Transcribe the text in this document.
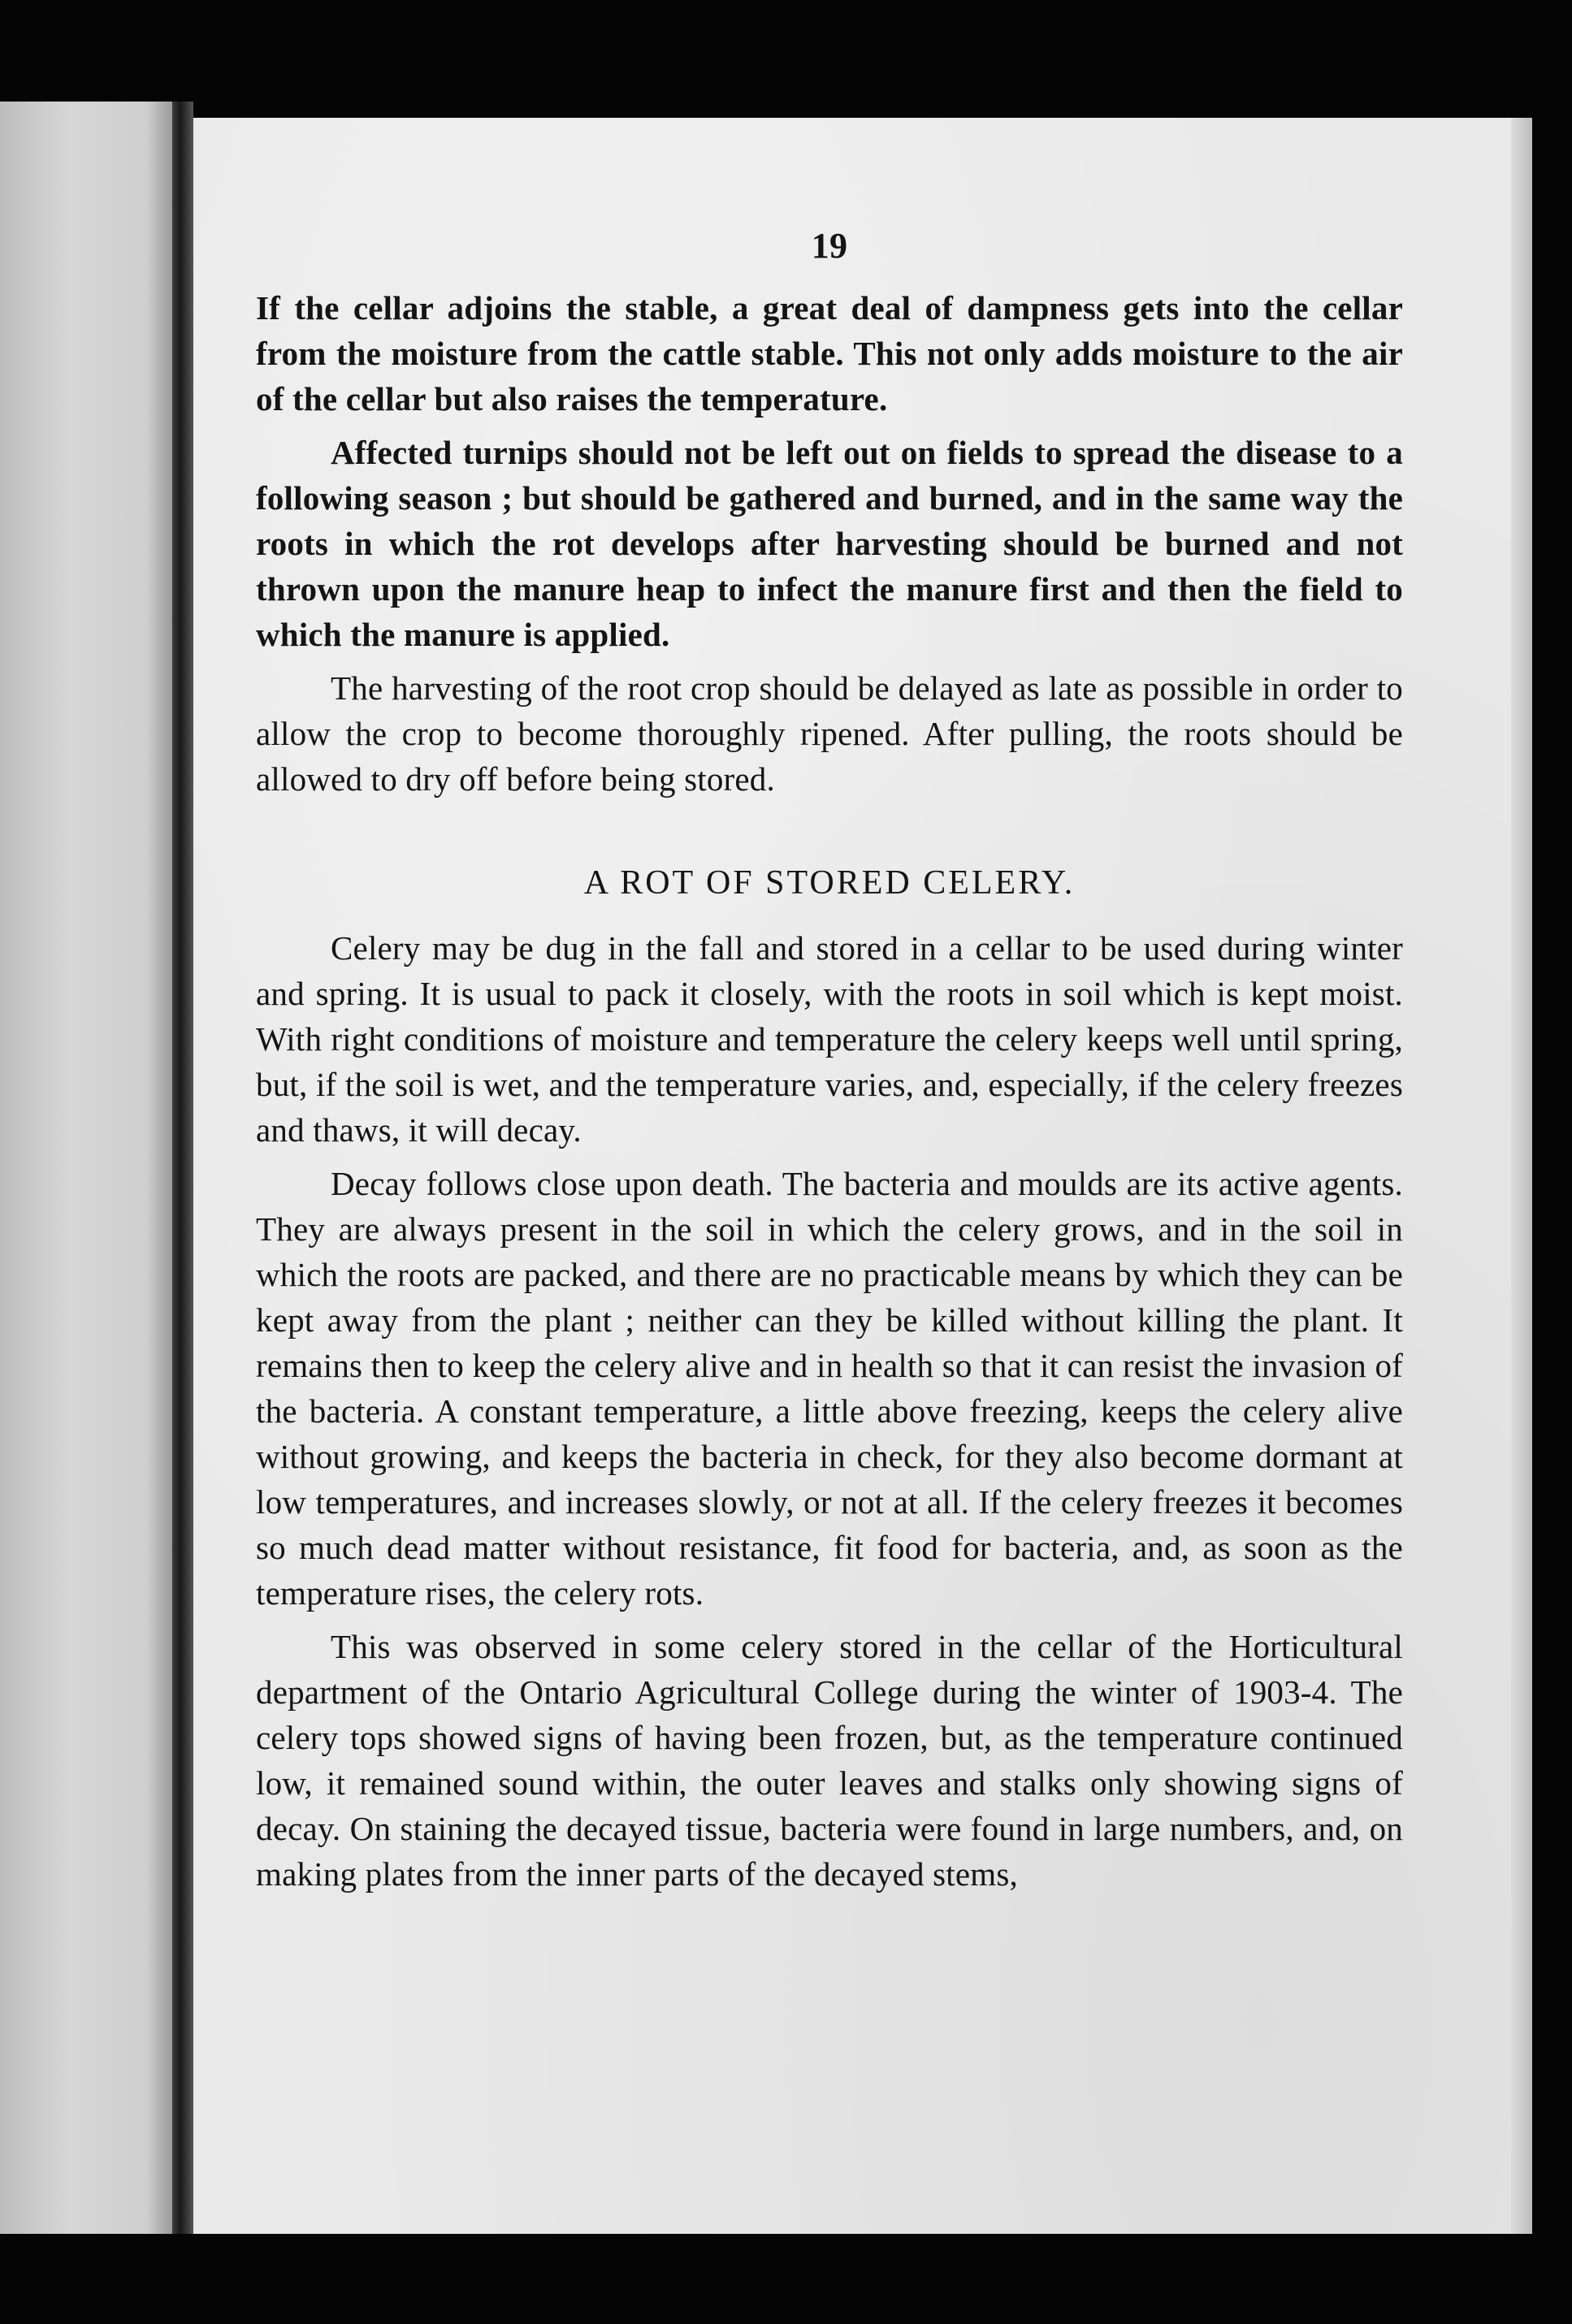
19

If the cellar adjoins the stable, a great deal of dampness gets into the cellar from the moisture from the cattle stable. This not only adds moisture to the air of the cellar but also raises the temperature.

Affected turnips should not be left out on fields to spread the disease to a following season ; but should be gathered and burned, and in the same way the roots in which the rot develops after harvesting should be burned and not thrown upon the manure heap to infect the manure first and then the field to which the manure is applied.

The harvesting of the root crop should be delayed as late as possible in order to allow the crop to become thoroughly ripened. After pulling, the roots should be allowed to dry off before being stored.

A ROT OF STORED CELERY.

Celery may be dug in the fall and stored in a cellar to be used during winter and spring. It is usual to pack it closely, with the roots in soil which is kept moist. With right conditions of moisture and temperature the celery keeps well until spring, but, if the soil is wet, and the temperature varies, and, especially, if the celery freezes and thaws, it will decay.

Decay follows close upon death. The bacteria and moulds are its active agents. They are always present in the soil in which the celery grows, and in the soil in which the roots are packed, and there are no practicable means by which they can be kept away from the plant ; neither can they be killed without killing the plant. It remains then to keep the celery alive and in health so that it can resist the invasion of the bacteria. A constant temperature, a little above freezing, keeps the celery alive without growing, and keeps the bacteria in check, for they also become dormant at low temperatures, and increases slowly, or not at all. If the celery freezes it becomes so much dead matter without resistance, fit food for bacteria, and, as soon as the temperature rises, the celery rots.

This was observed in some celery stored in the cellar of the Horticultural department of the Ontario Agricultural College during the winter of 1903-4. The celery tops showed signs of having been frozen, but, as the temperature continued low, it remained sound within, the outer leaves and stalks only showing signs of decay. On staining the decayed tissue, bacteria were found in large numbers, and, on making plates from the inner parts of the decayed stems,
